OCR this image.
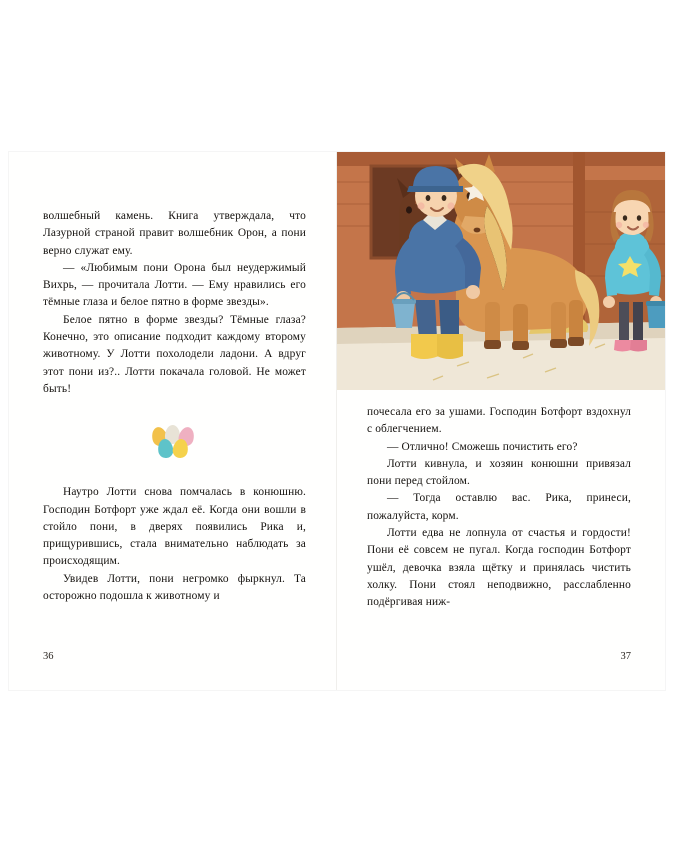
волшебный камень. Книга утверждала, что Лазурной страной правит волшебник Орон, а пони верно служат ему.

— «Любимым пони Орона был неудержимый Вихрь, — прочитала Лотти. — Ему нравились его тёмные глаза и белое пятно в форме звезды».

Белое пятно в форме звезды? Тёмные глаза? Конечно, это описание подходит каждому второму животному. У Лотти похолодели ладони. А вдруг этот пони из?.. Лотти покачала головой. Не может быть!

Наутро Лотти снова помчалась в конюшню. Господин Ботфорт уже ждал её. Когда они вошли в стойло пони, в дверях появились Рика и, прищурившись, стала внимательно наблюдать за происходящим.

Увидев Лотти, пони негромко фыркнул. Та осторожно подошла к животному и

36

почесала его за ушами. Господин Ботфорт вздохнул с облегчением.

— Отлично! Сможешь почистить его?

Лотти кивнула, и хозяин конюшни привязал пони перед стойлом.

— Тогда оставлю вас. Рика, принеси, пожалуйста, корм.

Лотти едва не лопнула от счастья и гордости! Пони её совсем не пугал. Когда господин Ботфорт ушёл, девочка взяла щётку и принялась чистить холку. Пони стоял неподвижно, расслабленно подёргивая ниж-

37
